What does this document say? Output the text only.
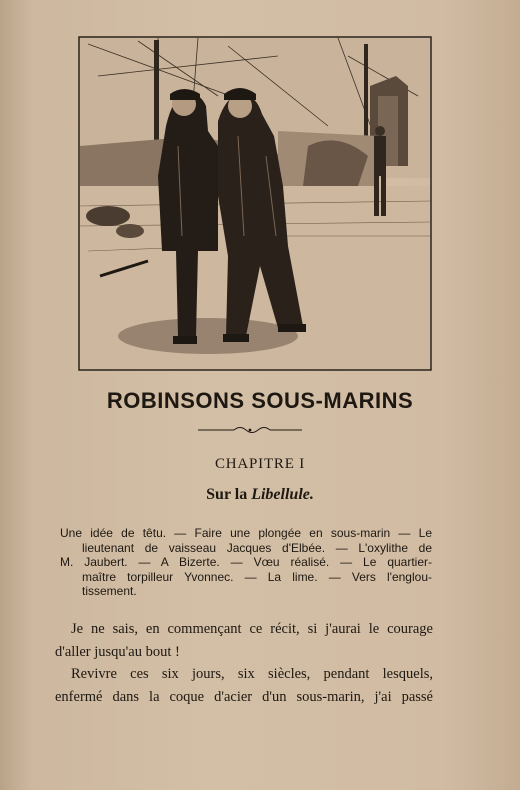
ROBINSONS SOUS-MARINS
CHAPITRE I
Sur la Libellule.
Une idée de têtu. — Faire une plongée en sous-marin — Le
lieutenant de vaisseau Jacques d'Elbée. — L'oxylithe de
M. Jaubert. — A Bizerte. — Vœu réalisé. — Le quartier-
maître torpilleur Yvonnec. — La lime. — Vers l'englou-
tissement.
Je ne sais, en commençant ce récit, si j'aurai le courage
d'aller jusqu'au bout !
Revivre ces six jours, six siècles, pendant lesquels,
enfermé dans la coque d'acier d'un sous-marin, j'ai passé
